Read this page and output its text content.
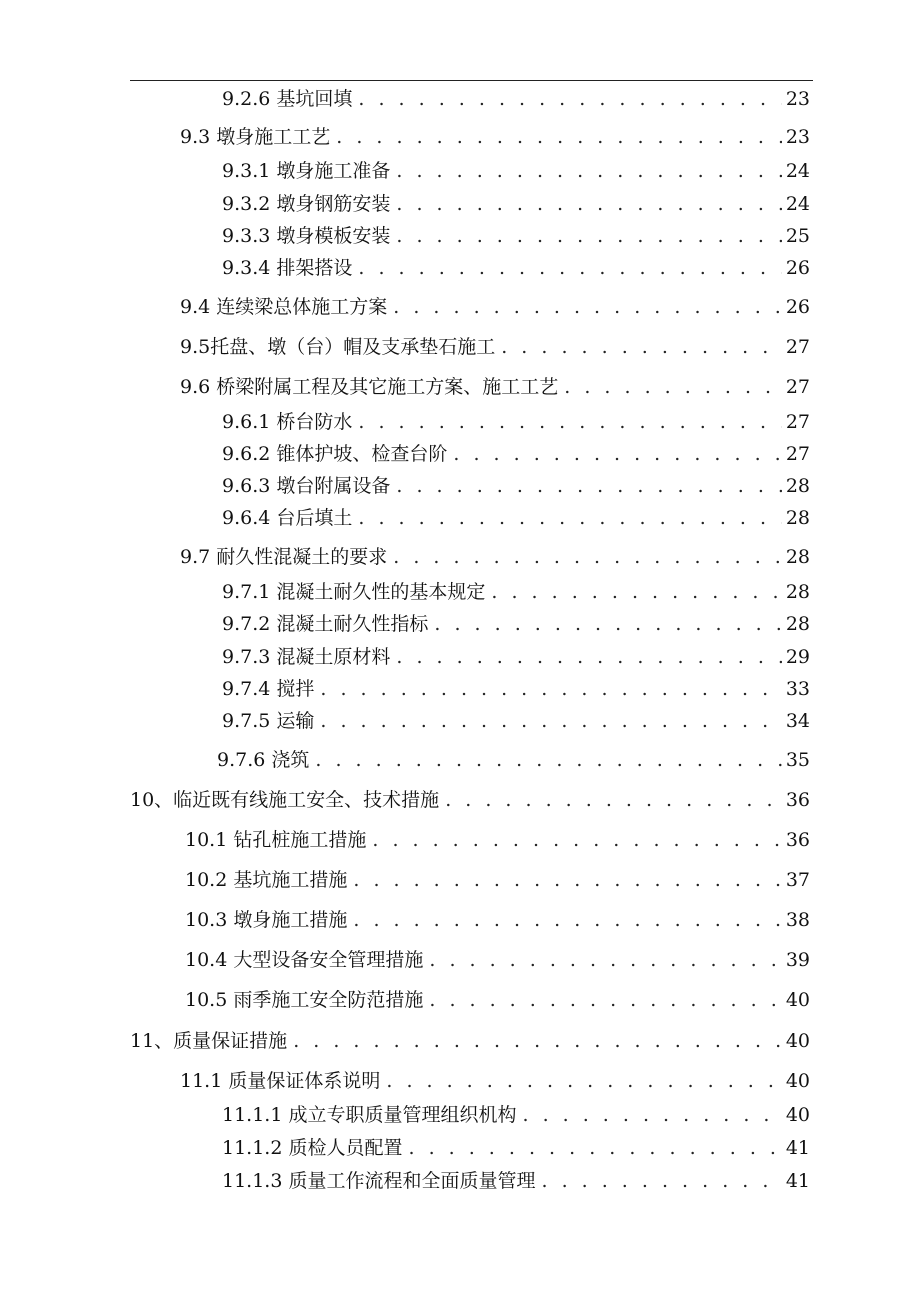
9.2.6 基坑回填 . . .	23
9.3 墩身施工工艺 . . .	23
9.3.1 墩身施工准备 . . .	24
9.3.2 墩身钢筋安装 . . .	24
9.3.3 墩身模板安装 . . .	25
9.3.4 排架搭设 . . .	26
9.4 连续梁总体施工方案 . . .	26
9.5托盘、墩（台）帽及支承垫石施工 . . .	27
9.6 桥梁附属工程及其它施工方案、施工工艺 . . .	27
9.6.1 桥台防水 . . .	27
9.6.2 锥体护坡、检查台阶 . . .	27
9.6.3 墩台附属设备 . . .	28
9.6.4 台后填土 . . .	28
9.7 耐久性混凝土的要求 . . .	28
9.7.1 混凝土耐久性的基本规定 . . .	28
9.7.2 混凝土耐久性指标 . . .	28
9.7.3 混凝土原材料 . . .	29
9.7.4 搅拌 . . .	33
9.7.5 运输 . . .	34
9.7.6 浇筑 . . .	35
10、临近既有线施工安全、技术措施 . . .	36
10.1 钻孔桩施工措施 . . .	36
10.2 基坑施工措施 . . .	37
10.3 墩身施工措施 . . .	38
10.4 大型设备安全管理措施 . . .	39
10.5 雨季施工安全防范措施 . . .	40
11、质量保证措施 . . .	40
11.1 质量保证体系说明 . . .	40
11.1.1 成立专职质量管理组织机构 . . .	40
11.1.2 质检人员配置 . . .	41
11.1.3 质量工作流程和全面质量管理 . . .	41
